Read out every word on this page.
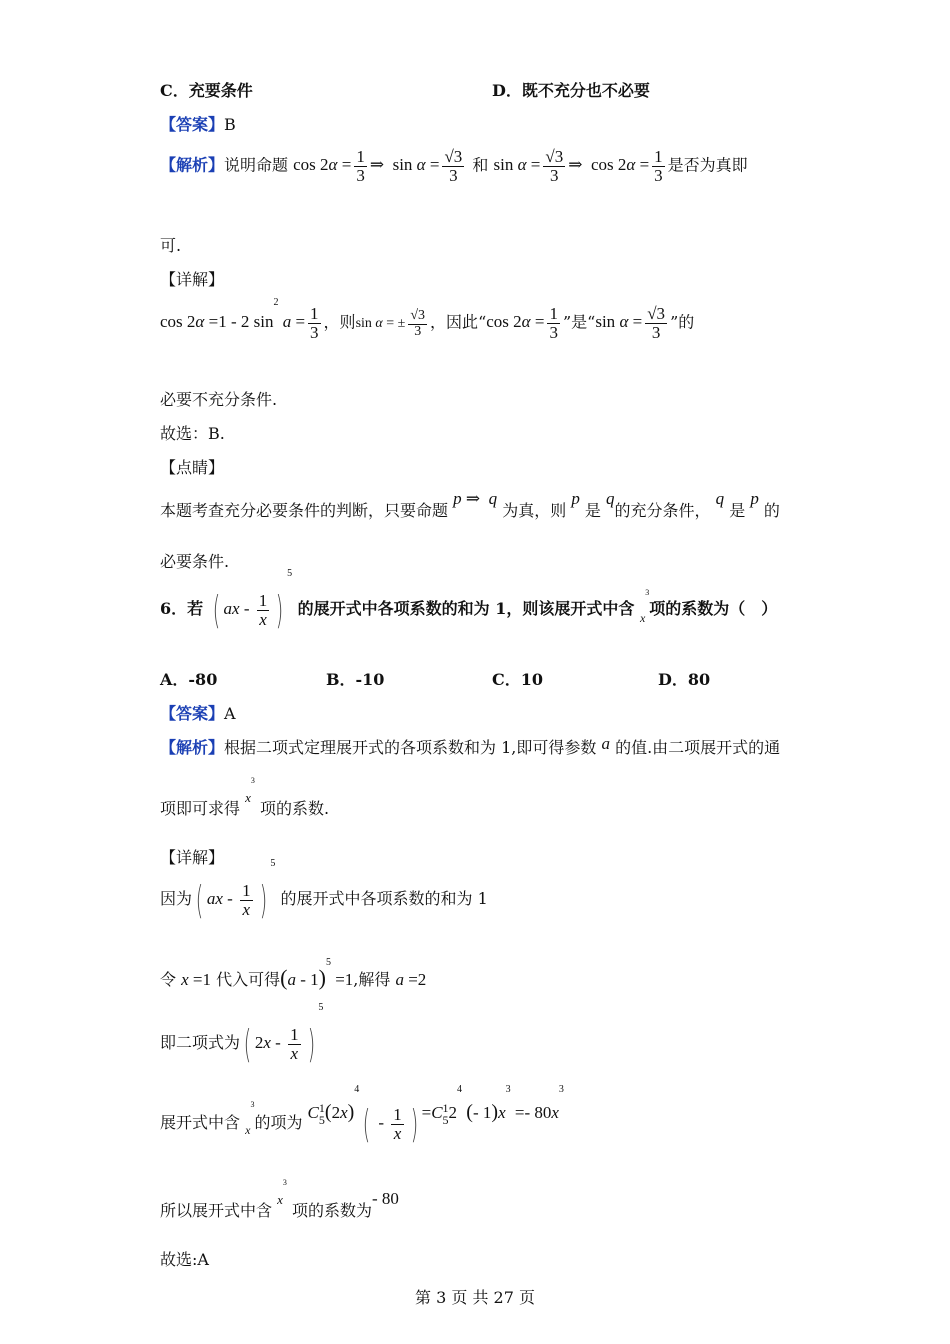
C．充要条件	D．既不充分也不必要
【答案】B
【解析】说明命题 $\cos 2\alpha = \frac{1}{3}$ ⇒  $\sin \alpha = \frac{√3}{3}$ 和 $\sin \alpha = \frac{√3}{3}$ ⇒  $\cos 2\alpha = \frac{1}{3}$ 是否为真即
可.
【详解】
cos 2α =1 - 2 $\sin^2 a = \frac{1}{3}$ ，则sin α = ± $\frac{√3}{3}$ ，因此“cos $2\alpha = \frac{1}{3}$ ”是“sin $\alpha = \frac{√3}{3}$ ”的
必要不充分条件.
故选：B.
【点睛】
本题考查充分必要条件的判断，只要命题 p ⇒  q 为真，则 p 是 q的充分条件， q 是 p 的
必要条件.
6．若 ( ax - $\frac{1}{x} )^5$ 的展开式中各项系数的和为 1，则该展开式中含 $_{x^3}$项的系数为（　）
A．-80	B．-10	C．10	D．80
【答案】A
【解析】根据二项式定理展开式的各项系数和为 1,即可得参数 a 的值.由二项展开式的通
项即可求得 $^{x^3}$ 项的系数.
【详解】
因为( ax - $\frac{1}{x} )^5$ 的展开式中各项系数的和为 1
令 x =1 代入可得(a - 1)$^5$ =1,解得 a =2
即二项式为( $2x - \frac{1}{x} )^5$
展开式中含 $_{x^3}$的项为 C 1
5 $(2x)^4( - \frac{1}{x}$ ) =C 1
5 $2^4$ (- $1)x^3 =- 80x^3$
所以展开式中含 $^{x^3}$ 项的系数为- 80
故选:A
第 3 页 共 27 页
